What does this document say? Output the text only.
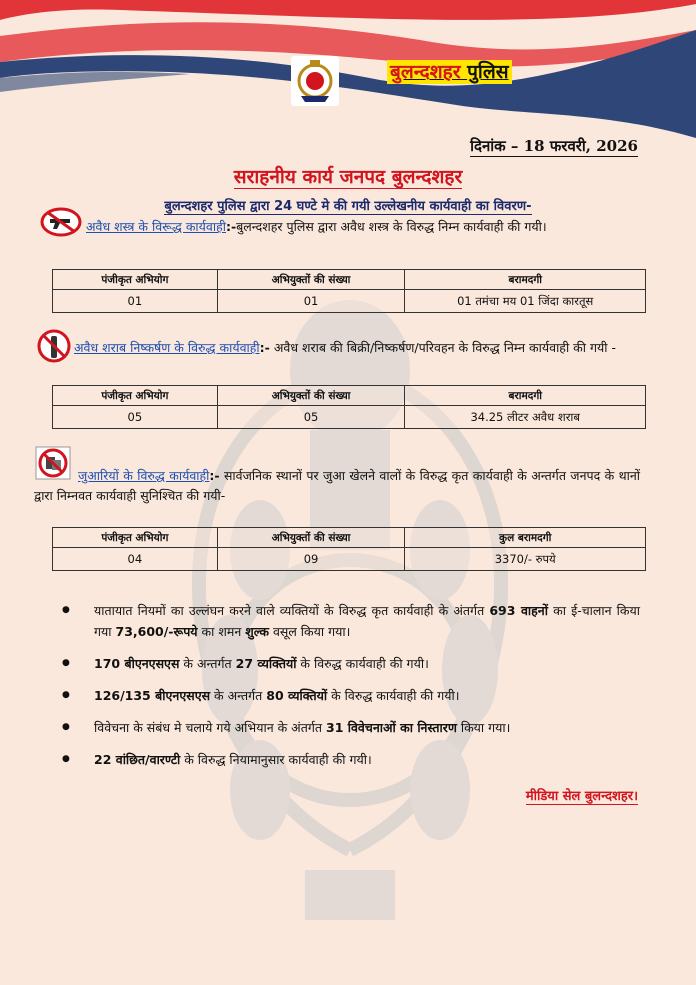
बुलन्दशहर पुलिस
दिनांक – 18 फरवरी, 2026
सराहनीय कार्य जनपद बुलन्दशहर
बुलन्दशहर पुलिस द्वारा 24 घण्टे मे की गयी उल्लेखनीय कार्यवाही का विवरण-
अवैध शस्त्र के विरूद्ध कार्यवाही:-बुलन्दशहर पुलिस द्वारा अवैध शस्त्र के विरुद्ध निम्न कार्यवाही की गयी।
पंजीकृत अभियोग	अभियुक्तों की संख्या	बरामदगी
01	01	01 तमंचा मय 01 जिंदा कारतूस
अवैध शराब निष्कर्षण के विरुद्ध कार्यवाही:- अवैध शराब की बिक्री/निष्कर्षण/परिवहन के विरुद्ध निम्न कार्यवाही की गयी -
पंजीकृत अभियोग	अभियुक्तों की संख्या	बरामदगी
05	05	34.25 लीटर अवैध शराब
जुआरियों के विरुद्ध कार्यवाही:- सार्वजनिक स्थानों पर जुआ खेलने वालों के विरुद्ध कृत कार्यवाही के अन्तर्गत जनपद के थानों द्वारा निम्नवत कार्यवाही सुनिश्चित की गयी-
पंजीकृत अभियोग	अभियुक्तों की संख्या	कुल बरामदगी
04	09	3370/- रुपये
● यातायात नियमों का उल्लंघन करने वाले व्यक्तियों के विरुद्ध कृत कार्यवाही के अंतर्गत 693 वाहनों का ई-चालान किया गया 73,600/-रूपये का शमन शुल्क वसूल किया गया।
● 170 बीएनएसएस के अन्तर्गत 27 व्यक्तियों के विरुद्ध कार्यवाही की गयी।
● 126/135 बीएनएसएस के अन्तर्गत 80 व्यक्तियों के विरुद्ध कार्यवाही की गयी।
● विवेचना के संबंध मे चलाये गये अभियान के अंतर्गत 31 विवेचनाओं का निस्तारण किया गया।
● 22 वांछित/वारण्टी के विरुद्ध नियामानुसार कार्यवाही की गयी।
मीडिया सेल बुलन्दशहर।
